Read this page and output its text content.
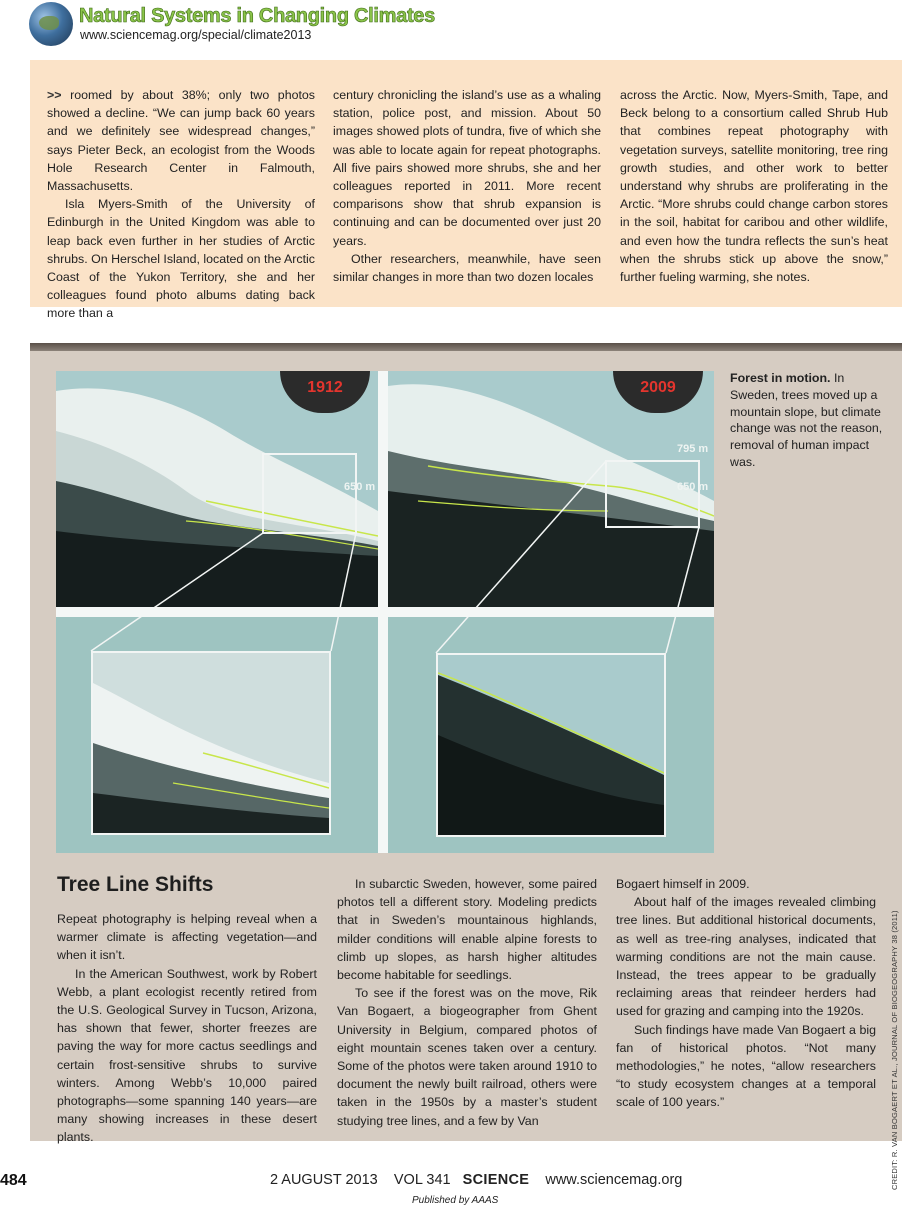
Natural Systems in Changing Climates
www.sciencemag.org/special/climate2013

>> roomed by about 38%; only two photos showed a decline. “We can jump back 60 years and we definitely see widespread changes,” says Pieter Beck, an ecologist from the Woods Hole Research Center in Falmouth, Massachusetts.

Isla Myers-Smith of the University of Edinburgh in the United Kingdom was able to leap back even further in her studies of Arctic shrubs. On Herschel Island, located on the Arctic Coast of the Yukon Territory, she and her colleagues found photo albums dating back more than a

century chronicling the island’s use as a whaling station, police post, and mission. About 50 images showed plots of tundra, five of which she was able to locate again for repeat photographs. All five pairs showed more shrubs, she and her colleagues reported in 2011. More recent comparisons show that shrub expansion is continuing and can be documented over just 20 years.

Other researchers, meanwhile, have seen similar changes in more than two dozen locales

across the Arctic. Now, Myers-Smith, Tape, and Beck belong to a consortium called Shrub Hub that combines repeat photography with vegetation surveys, satellite monitoring, tree ring growth studies, and other work to better understand why shrubs are proliferating in the Arctic. “More shrubs could change carbon stores in the soil, habitat for caribou and other wildlife, and even how the tundra reflects the sun’s heat when the shrubs stick up above the snow,” further fueling warming, she notes.

1912
650 m
2009
795 m
650 m
Forest in motion. In Sweden, trees moved up a mountain slope, but climate change was not the reason, removal of human impact was.
Tree Line Shifts

Repeat photography is helping reveal when a warmer climate is affecting vegetation—and when it isn’t.

In the American Southwest, work by Robert Webb, a plant ecologist recently retired from the U.S. Geological Survey in Tucson, Arizona, has shown that fewer, shorter freezes are paving the way for more cactus seedlings and certain frost-sensitive shrubs to survive winters. Among Webb’s 10,000 paired photographs—some spanning 140 years—are many showing increases in these desert plants.

In subarctic Sweden, however, some paired photos tell a different story. Modeling predicts that in Sweden’s mountainous highlands, milder conditions will enable alpine forests to climb up slopes, as harsh higher altitudes become habitable for seedlings.

To see if the forest was on the move, Rik Van Bogaert, a biogeographer from Ghent University in Belgium, compared photos of eight mountain scenes taken over a century. Some of the photos were taken around 1910 to document the newly built railroad, others were taken in the 1950s by a master’s student studying tree lines, and a few by Van

Bogaert himself in 2009.

About half of the images revealed climbing tree lines. But additional historical documents, as well as tree-ring analyses, indicated that warming conditions are not the main cause. Instead, the trees appear to be gradually reclaiming areas that reindeer herders had used for grazing and camping into the 1920s.

Such findings have made Van Bogaert a big fan of historical photos. “Not many methodologies,” he notes, “allow researchers “to study ecosystem changes at a temporal scale of 100 years.”	CREDIT: R. VAN BOGAERT ET AL., JOURNAL OF BIOGEOGRAPHY 38 (2011)
484	2 AUGUST 2013 VOL 341 SCIENCE www.sciencemag.org
Published by AAAS
